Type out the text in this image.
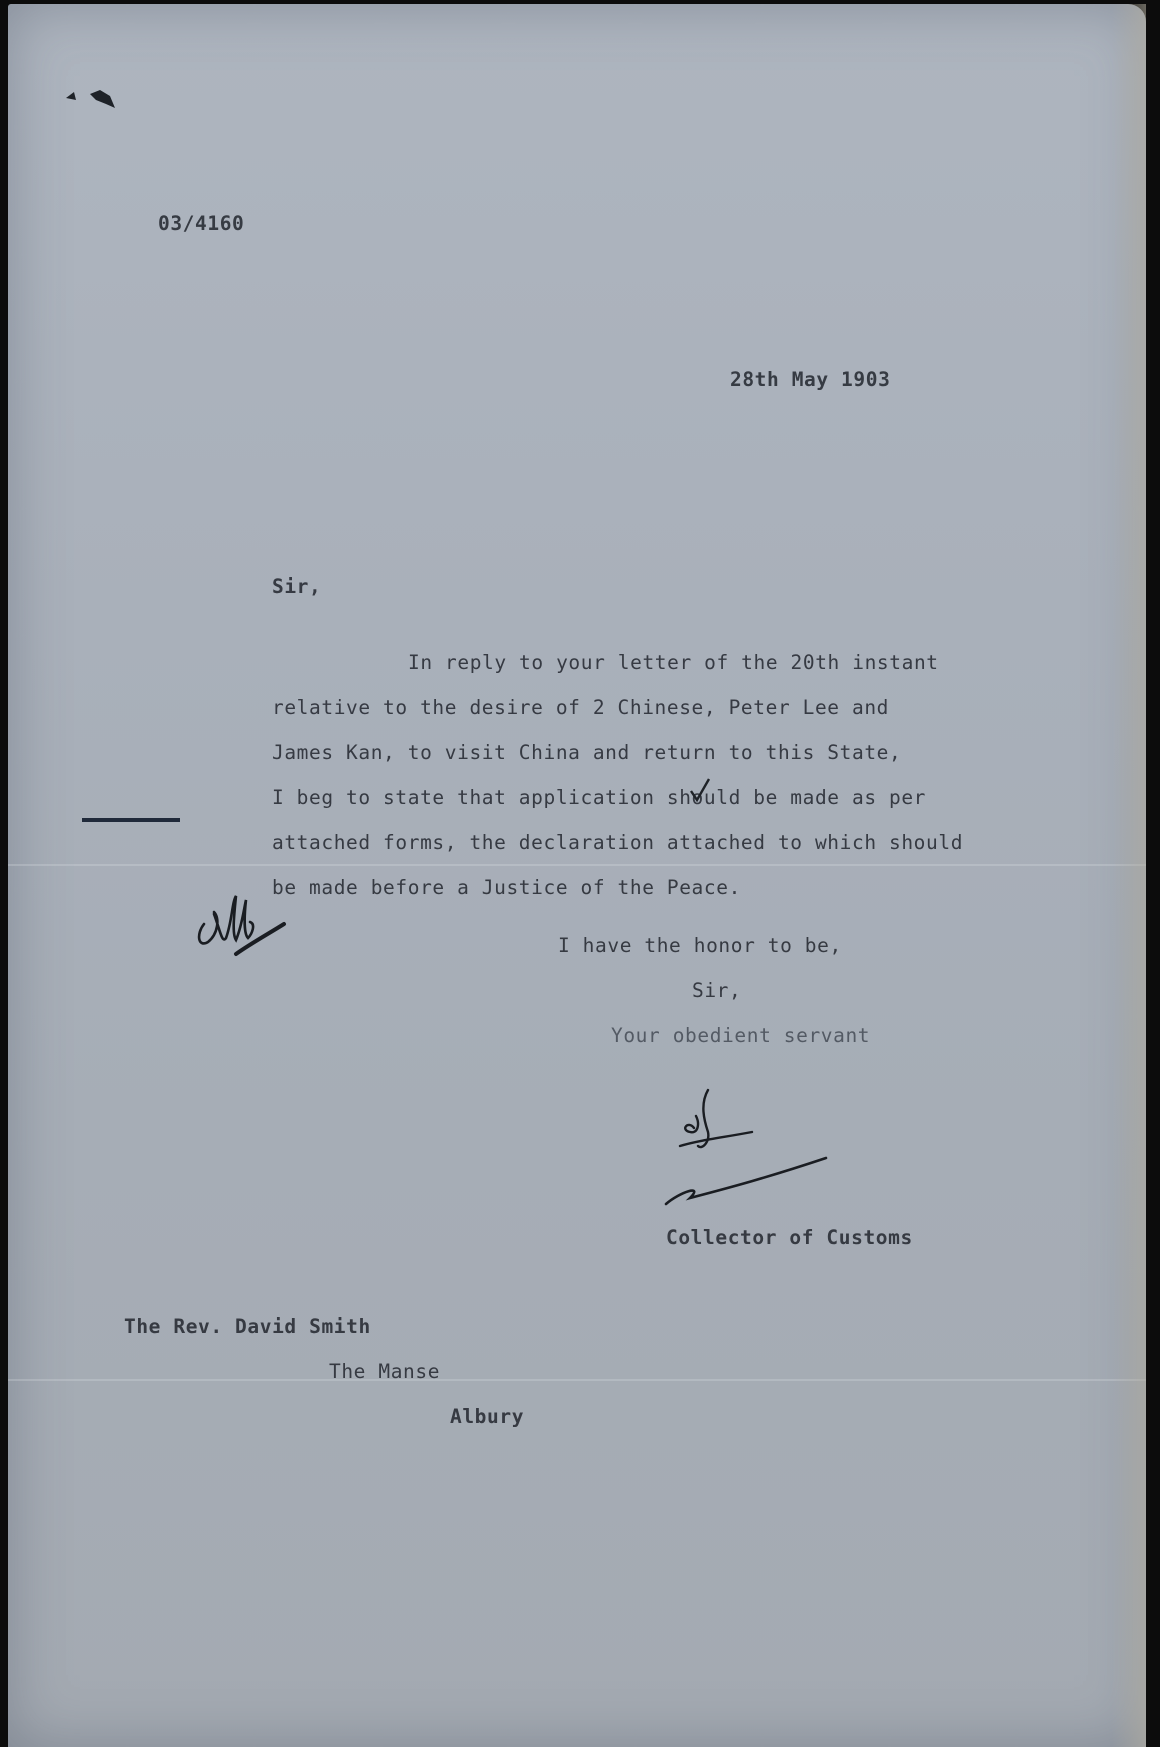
03/4160
28th May 1903
Sir,
In reply to your letter of the 20th instant
relative to the desire of 2 Chinese, Peter Lee and
James Kan, to visit China and return to this State,
I beg to state that application should be made as per
attached forms, the declaration attached to which should
be made before a Justice of the Peace.
I have the honor to be,
Sir,
Your obedient servant
Collector of Customs
The Rev. David Smith
The Manse
Albury
